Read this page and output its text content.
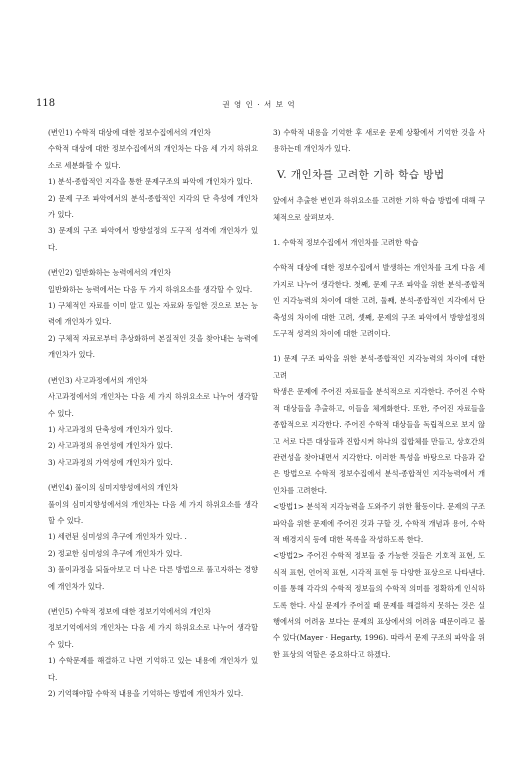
118	권 영 인 · 서 보 억

(변인1) 수학적 대상에 대한 정보수집에서의 개인차

수학적 대상에 대한 정보수집에서의 개인차는 다음 세 가지 하위요소로 세분화할 수 있다.

1) 분석-종합적인 지각을 통한 문제구조의 파악에 개인차가 있다.

2) 문제 구조 파악에서의 분석-종합적인 지각의 단 측성에 개인차가 있다.

3) 문제의 구조 파악에서 방향설정의 도구적 성격에 개인차가 있다.

(변인2) 일반화하는 능력에서의 개인차

일반화하는 능력에서는 다음 두 가지 하위요소를 생각할 수 있다.

1) 구체적인 자료를 이미 알고 있는 자료와 동일한 것으로 보는 능력에 개인차가 있다.

2) 구체적 자료로부터 추상화하여 본질적인 것을 찾아내는 능력에 개인차가 있다.

(변인3) 사고과정에서의 개인차

사고과정에서의 개인차는 다음 세 가지 하위요소로 나누어 생각할 수 있다.

1) 사고과정의 단축성에 개인차가 있다.

2) 사고과정의 유연성에 개인차가 있다.

3) 사고과정의 가역성에 개인차가 있다.

(변인4) 풀이의 심미지향성에서의 개인차

풀이의 심미지향성에서의 개인차는 다음 세 가지 하위요소를 생각할 수 있다.

1) 세련된 심미성의 추구에 개인차가 있다. .

2) 정교한 심미성의 추구에 개인차가 있다.

3) 풀이과정을 되돌아보고 더 나은 다른 방법으로 풀고자하는 경향에 개인차가 있다.

(변인5) 수학적 정보에 대한 정보기억에서의 개인차

정보기억에서의 개인차는 다음 세 가지 하위요소로 나누어 생각할 수 있다.

1) 수학문제를 해결하고 나면 기억하고 있는 내용에 개인차가 있다.

2) 기억해야할 수학적 내용을 기억하는 방법에 개인차가 있다.

3) 수학적 내용을 기억한 후 새로운 문제 상황에서 기억한 것을 사용하는데 개인차가 있다.

V. 개인차를 고려한 기하 학습 방법

앞에서 추출한 변인과 하위요소를 고려한 기하 학습 방법에 대해 구체적으로 살펴보자.

1. 수학적 정보수집에서 개인차를 고려한 학습

수학적 대상에 대한 정보수집에서 발생하는 개인차를 크게 다음 세 가지로 나누어 생각한다. 첫째, 문제 구조 파악을 위한 분석-종합적인 지각능력의 차이에 대한 고려, 둘째, 분석-종합적인 지각에서 단축성의 차이에 대한 고려, 셋째, 문제의 구조 파악에서 방향설정의 도구적 성격의 차이에 대한 고려이다.

1) 문제 구조 파악을 위한 분석-종합적인 지각능력의 차이에 대한 고려

학생은 문제에 주어진 자료들을 분석적으로 지각한다. 주어진 수학적 대상들을 추출하고, 이들을 체계화한다. 또한, 주어진 자료들을 종합적으로 지각한다. 주어진 수학적 대상들을 독립적으로 보지 않고 서로 다른 대상들과 진합시켜 하나의 집합체를 만들고, 상호간의 관련성을 찾아내면서 지각한다. 이러한 특성을 바탕으로 다음과 같은 방법으로 수학적 정보수집에서 분석-종합적인 지각능력에서 개인차를 고려한다.

<방법1> 분석적 지각능력을 도와주기 위한 활동이다. 문제의 구조파악을 위한 문제에 주어진 것과 구할 것, 수학적 개념과 용어, 수학적 배경지식 등에 대한 목록을 작성하도록 한다.

<방법2> 주어진 수학적 정보들 중 가능한 것들은 기호적 표현, 도식적 표현, 언어적 표현, 시각적 표현 등 다양한 표상으로 나타낸다. 이를 통해 각각의 수학적 정보들의 수학적 의미를 정확하게 인식하도록 한다. 사실 문제가 주어질 때 문제를 해결하지 못하는 것은 실행에서의 어려움 보다는 문제의 표상에서의 어려움 때문이라고 볼 수 있다(Mayer · Hegarty, 1996). 따라서 문제 구조의 파악을 위한 표상의 역할은 중요하다고 하겠다.
